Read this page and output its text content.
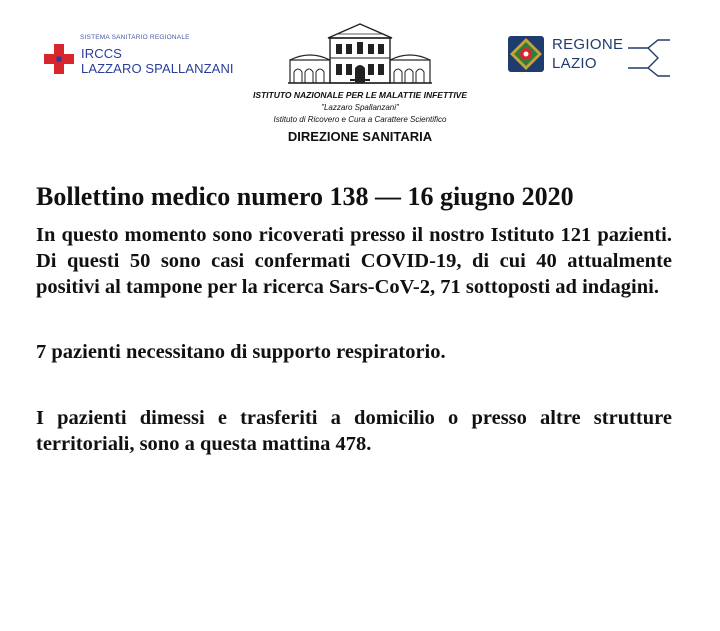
SISTEMA SANITARIO REGIONALE
IRCCS
LAZZARO SPALLANZANI
ISTITUTO NAZIONALE PER LE MALATTIE INFETTIVE
"Lazzaro Spallanzani"
Istituto di Ricovero e Cura a Carattere Scientifico
DIREZIONE SANITARIA
REGIONE
LAZIO
Bollettino medico numero 138 — 16 giugno 2020

In questo momento sono ricoverati presso il nostro Istituto 121 pazienti. Di questi 50 sono casi confermati COVID-19, di cui 40 attualmente positivi al tampone per la ricerca Sars-CoV-2, 71 sottoposti ad indagini.

7 pazienti necessitano di supporto respiratorio.

I pazienti dimessi e trasferiti a domicilio o presso altre strutture territoriali, sono a questa mattina 478.
